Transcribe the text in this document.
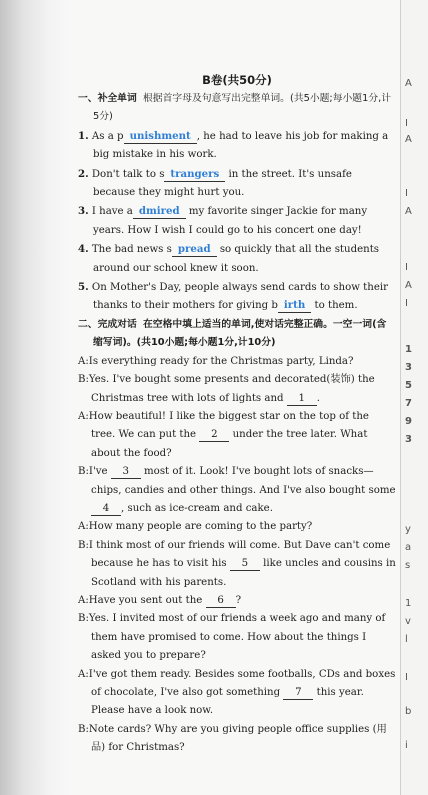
A
I
A
I
A
I
A
I
1
3
5
7
9
3
y
a
s
1
v
l
I
b
i
B卷(共50分)
一、补全单词 根据首字母及句意写出完整单词。(共5小题;每小题1分,计5分)
1. As a p unishment , he had to leave his job for making a big mistake in his work.
2. Don't talk to s trangers in the street. It's unsafe because they might hurt you.
3. I have a dmired my favorite singer Jackie for many years. How I wish I could go to his concert one day!
4. The bad news s pread so quickly that all the students around our school knew it soon.
5. On Mother's Day, people always send cards to show their thanks to their mothers for giving b irth to them.
二、完成对话 在空格中填上适当的单词,使对话完整正确。一空一词(含缩写词)。(共10小题;每小题1分,计10分)
A:Is everything ready for the Christmas party, Linda?
B:Yes. I've bought some presents and decorated(装饰) the Christmas tree with lots of lights and 1 .
A:How beautiful! I like the biggest star on the top of the tree. We can put the 2 under the tree later. What about the food?
B:I've 3 most of it. Look! I've bought lots of snacks—chips, candies and other things. And I've also bought some 4 , such as ice-cream and cake.
A:How many people are coming to the party?
B:I think most of our friends will come. But Dave can't come because he has to visit his 5 like uncles and cousins in Scotland with his parents.
A:Have you sent out the 6 ?
B:Yes. I invited most of our friends a week ago and many of them have promised to come. How about the things I asked you to prepare?
A:I've got them ready. Besides some footballs, CDs and boxes of chocolate, I've also got something 7 this year. Please have a look now.
B:Note cards? Why are you giving people office supplies (用品) for Christmas?
